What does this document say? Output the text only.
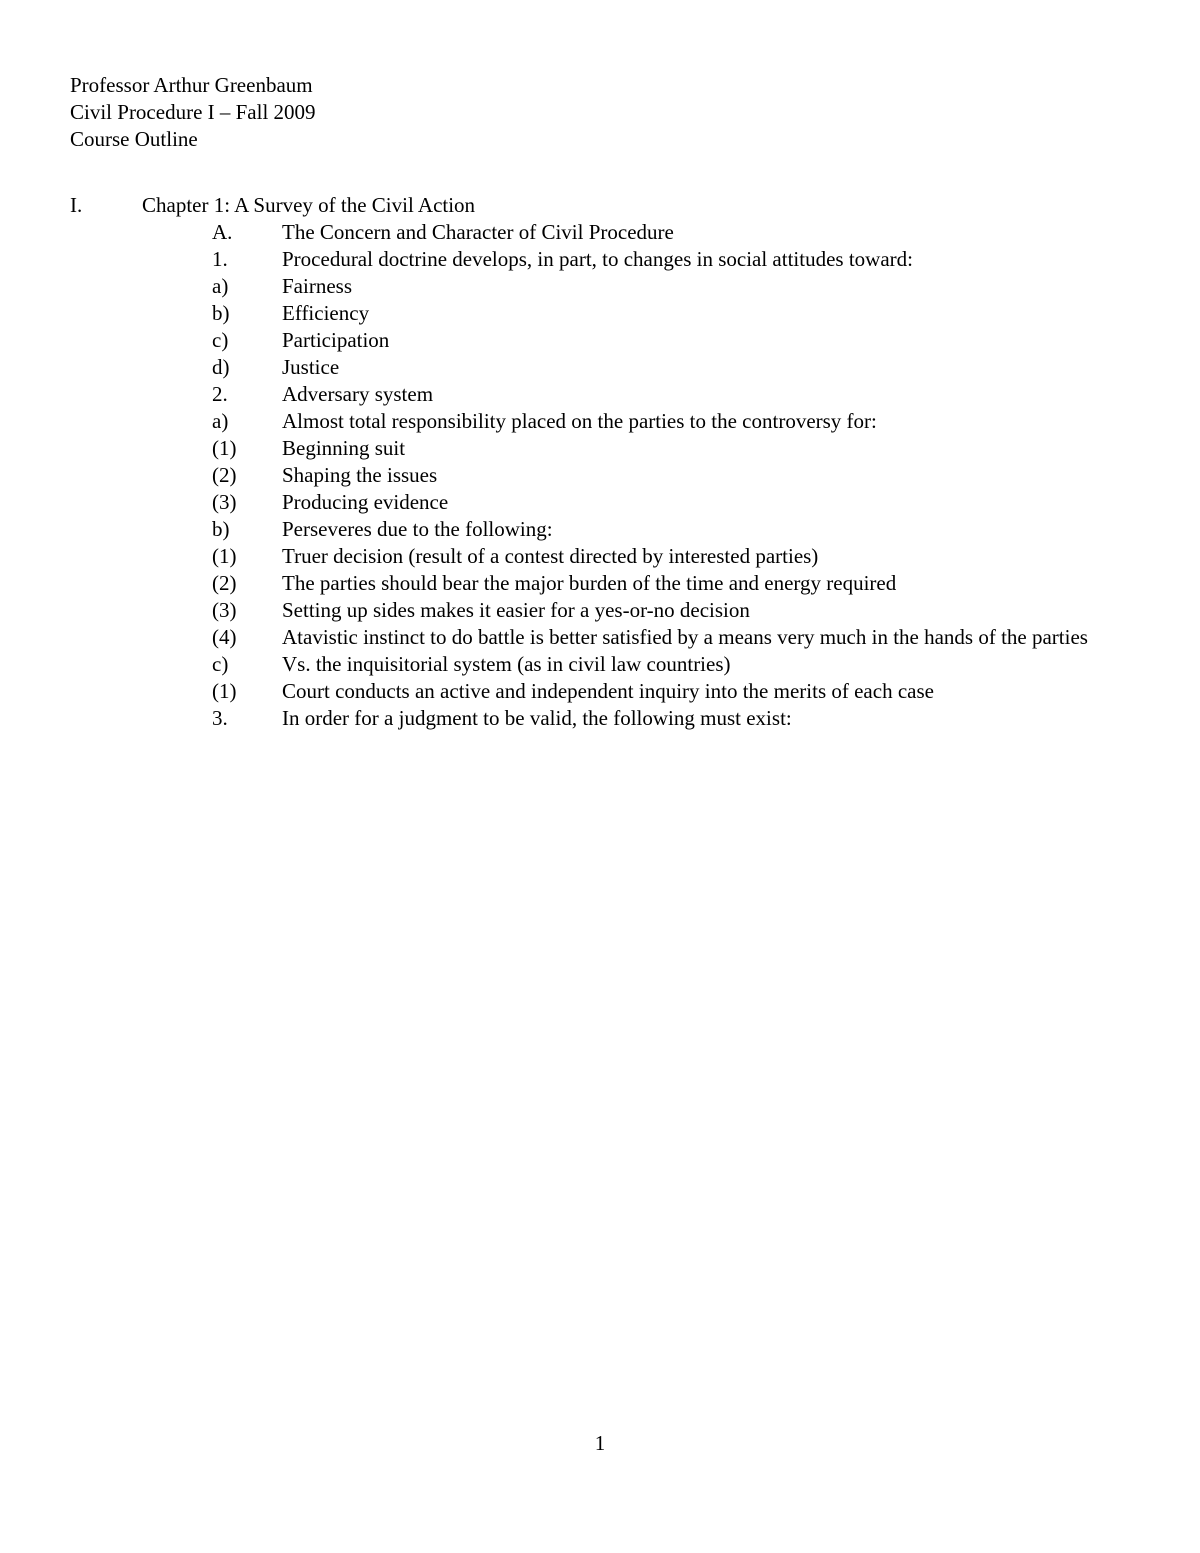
Professor Arthur Greenbaum
Civil Procedure I – Fall 2009
Course Outline
I.	Chapter 1: A Survey of the Civil Action
A. The Concern and Character of Civil Procedure
1.	Procedural doctrine develops, in part, to changes in social attitudes toward:
a)	Fairness
b)	Efficiency
c)	Participation
d)	Justice
2.	Adversary system
a)	Almost total responsibility placed on the parties to the controversy for:
(1) Beginning suit
(2) Shaping the issues
(3) Producing evidence
b)	Perseveres due to the following:
(1) Truer decision (result of a contest directed by interested parties)
(2) The parties should bear the major burden of the time and energy required
(3) Setting up sides makes it easier for a yes-or-no decision
(4) Atavistic instinct to do battle is better satisfied by a means very much in the hands of the parties
c)	Vs. the inquisitorial system (as in civil law countries)
(1) Court conducts an active and independent inquiry into the merits of each case
3.	In order for a judgment to be valid, the following must exist:
1
